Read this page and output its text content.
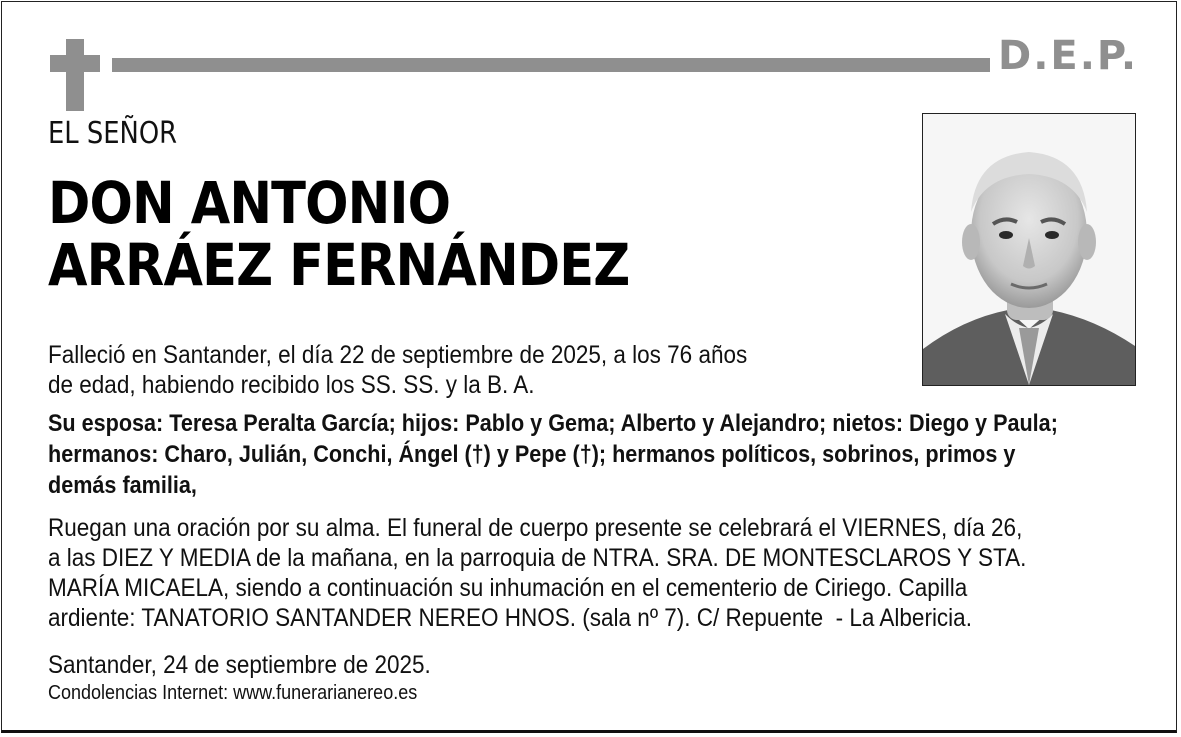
D.E.P.
EL SEÑOR
DON ANTONIO
ARRÁEZ FERNÁNDEZ
Falleció en Santander, el día 22 de septiembre de 2025, a los 76 años
de edad, habiendo recibido los SS. SS. y la B. A.
Su esposa: Teresa Peralta García; hijos: Pablo y Gema; Alberto y Alejandro; nietos: Diego y Paula;
hermanos: Charo, Julián, Conchi, Ángel (†) y Pepe (†); hermanos políticos, sobrinos, primos y
demás familia,
Ruegan una oración por su alma. El funeral de cuerpo presente se celebrará el VIERNES, día 26,
a las DIEZ Y MEDIA de la mañana, en la parroquia de NTRA. SRA. DE MONTESCLAROS Y STA.
MARÍA MICAELA, siendo a continuación su inhumación en el cementerio de Ciriego. Capilla
ardiente: TANATORIO SANTANDER NEREO HNOS. (sala nº 7). C/ Repuente  - La Albericia.
Santander, 24 de septiembre de 2025.
Condolencias Internet: www.funerarianereo.es
